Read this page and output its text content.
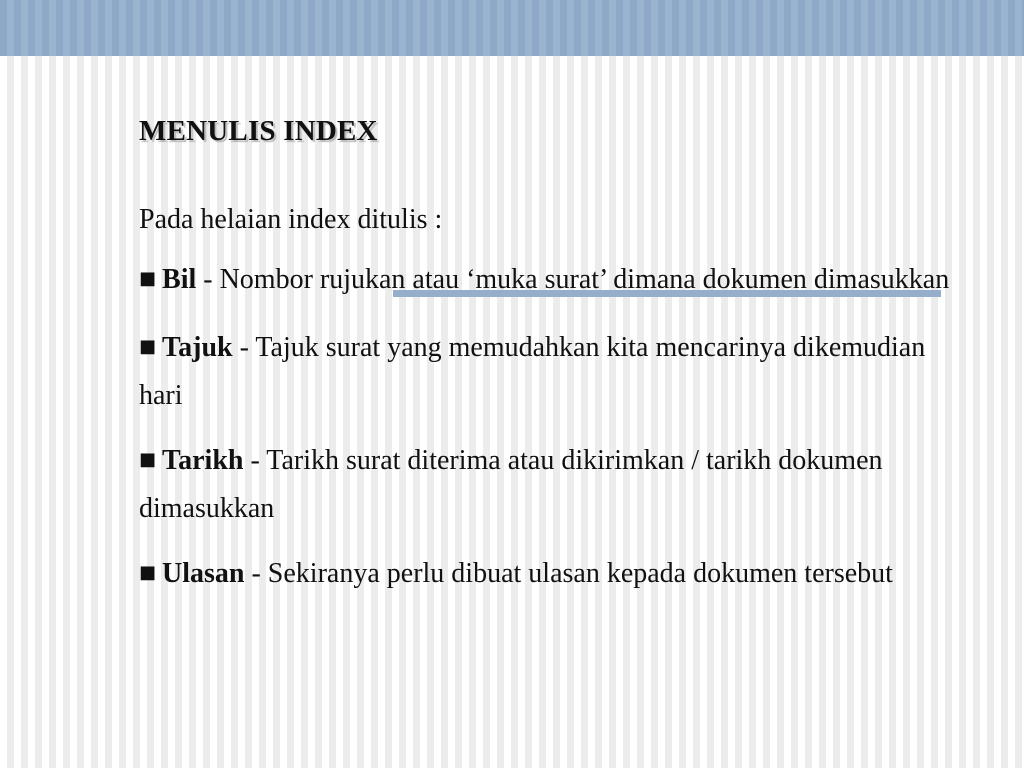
MENULIS INDEX

Pada helaian index ditulis :

■ Bil - Nombor rujukan atau ‘muka surat’ dimana dokumen dimasukkan

■ Tajuk - Tajuk surat yang memudahkan kita mencarinya dikemudian   hari

■ Tarikh - Tarikh surat diterima atau dikirimkan / tarikh dokumen dimasukkan

■ Ulasan - Sekiranya perlu dibuat ulasan kepada dokumen tersebut
